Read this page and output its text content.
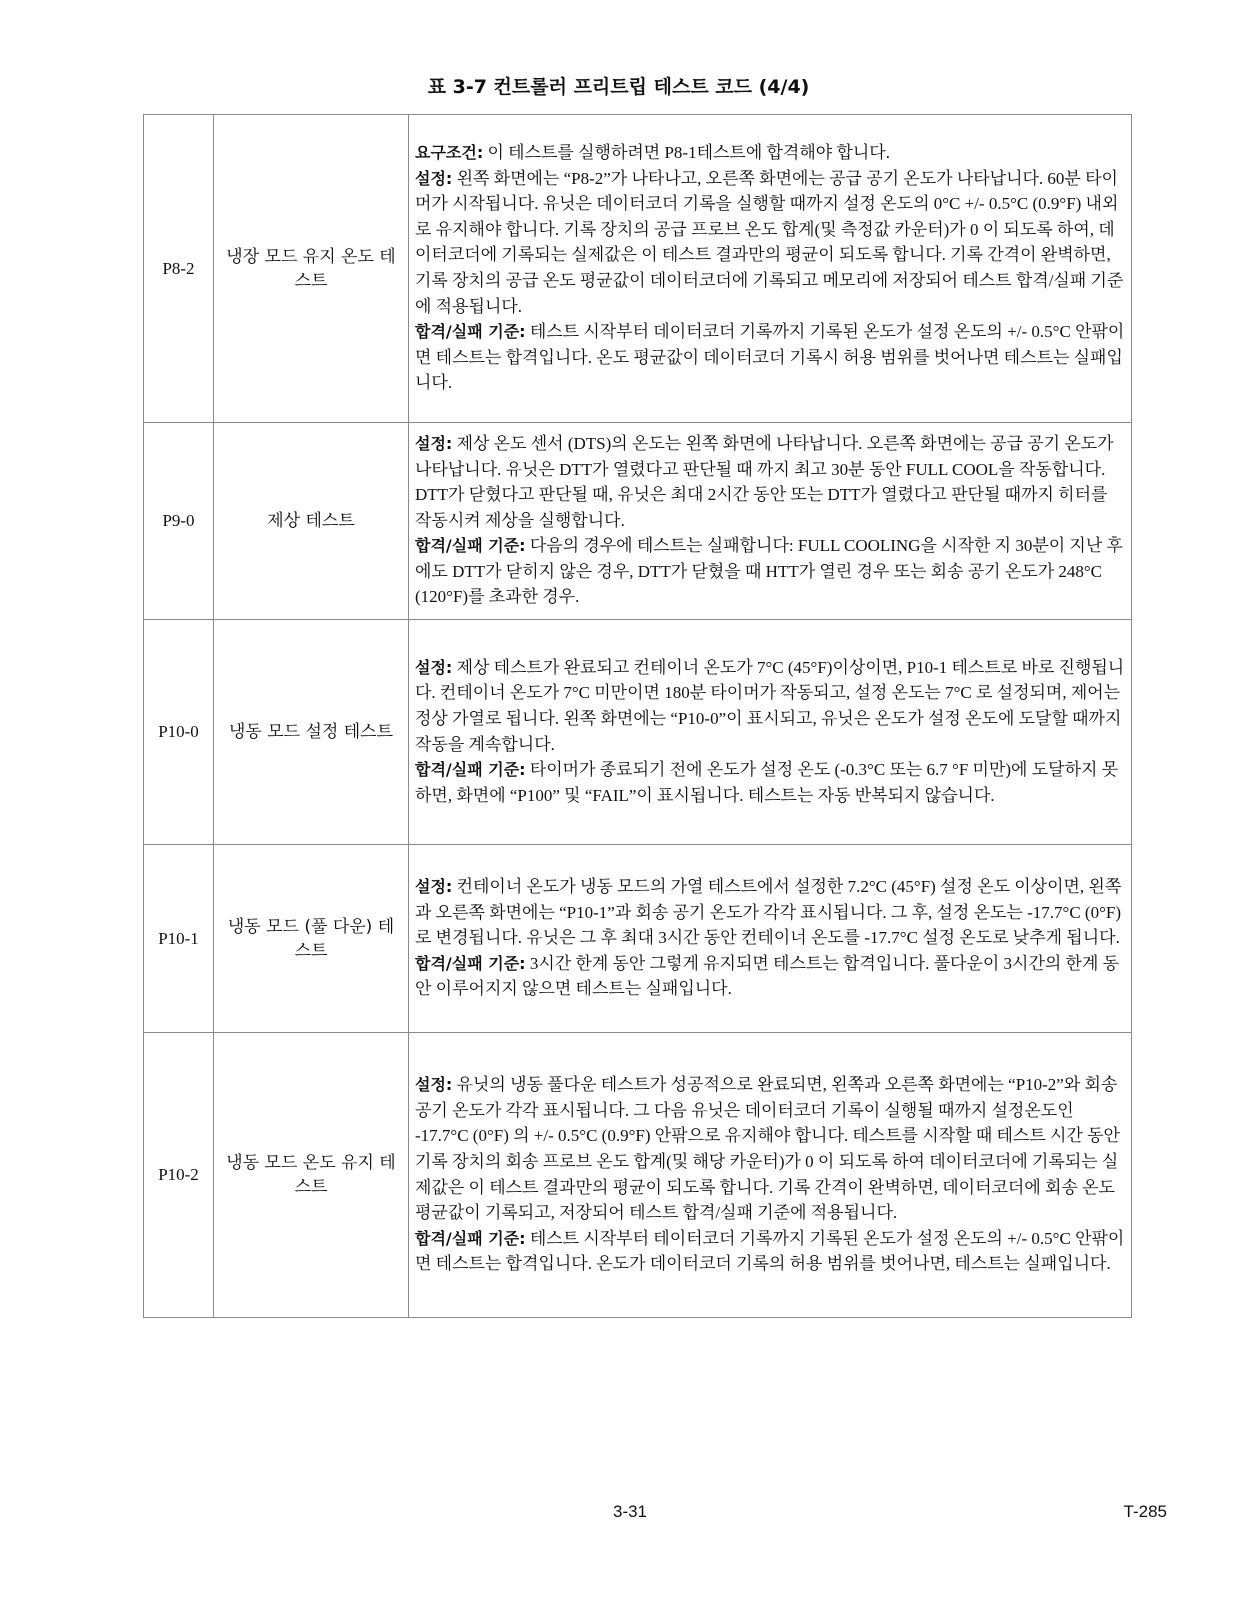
표 3-7 컨트롤러 프리트립 테스트 코드 (4/4)
P8-2	냉장 모드 유지 온도 테스트	요구조건: 이 테스트를 실행하려면 P8-1테스트에 합격해야 합니다.
설정: 왼쪽 화면에는 “P8-2”가 나타나고, 오른쪽 화면에는 공급 공기 온도가 나타납니다. 60분 타이머가 시작됩니다. 유닛은 데이터코더 기록을 실행할 때까지 설정 온도의 0°C +/- 0.5°C (0.9°F) 내외로 유지해야 합니다. 기록 장치의 공급 프로브 온도 합계(및 측정값 카운터)가 0 이 되도록 하여, 데이터코더에 기록되는 실제값은 이 테스트 결과만의 평균이 되도록 합니다. 기록 간격이 완벽하면, 기록 장치의 공급 온도 평균값이 데이터코더에 기록되고 메모리에 저장되어 테스트 합격/실패 기준에 적용됩니다.
합격/실패 기준: 테스트 시작부터 데이터코더 기록까지 기록된 온도가 설정 온도의 +/- 0.5°C 안팎이면 테스트는 합격입니다. 온도 평균값이 데이터코더 기록시 허용 범위를 벗어나면 테스트는 실패입니다.

P9-0	제상 테스트	설정: 제상 온도 센서 (DTS)의 온도는 왼쪽 화면에 나타납니다. 오른쪽 화면에는 공급 공기 온도가 나타납니다. 유닛은 DTT가 열렸다고 판단될 때 까지 최고 30분 동안 FULL COOL을 작동합니다. DTT가 닫혔다고 판단될 때, 유닛은 최대 2시간 동안 또는 DTT가 열렸다고 판단될 때까지 히터를 작동시켜 제상을 실행합니다.
합격/실패 기준: 다음의 경우에 테스트는 실패합니다: FULL COOLING을 시작한 지 30분이 지난 후에도 DTT가 닫히지 않은 경우, DTT가 닫혔을 때 HTT가 열린 경우 또는 회송 공기 온도가 248°C (120°F)를 초과한 경우.

P10-0	냉동 모드 설정 테스트	설정: 제상 테스트가 완료되고 컨테이너 온도가 7°C (45°F)이상이면, P10-1 테스트로 바로 진행됩니다. 컨테이너 온도가 7°C 미만이면 180분 타이머가 작동되고, 설정 온도는 7°C 로 설정되며, 제어는 정상 가열로 됩니다. 왼쪽 화면에는 “P10-0”이 표시되고, 유닛은 온도가 설정 온도에 도달할 때까지 작동을 계속합니다.
합격/실패 기준: 타이머가 종료되기 전에 온도가 설정 온도 (-0.3°C 또는 6.7 °F 미만)에 도달하지 못하면, 화면에 “P100” 및 “FAIL”이 표시됩니다. 테스트는 자동 반복되지 않습니다.

P10-1	냉동 모드 (풀 다운) 테스트	설정: 컨테이너 온도가 냉동 모드의 가열 테스트에서 설정한 7.2°C (45°F) 설정 온도 이상이면, 왼쪽과 오른쪽 화면에는 “P10-1”과 회송 공기 온도가 각각 표시됩니다. 그 후, 설정 온도는 -17.7°C (0°F) 로 변경됩니다. 유닛은 그 후 최대 3시간 동안 컨테이너 온도를 -17.7°C 설정 온도로 낮추게 됩니다.
합격/실패 기준: 3시간 한계 동안 그렇게 유지되면 테스트는 합격입니다. 풀다운이 3시간의 한계 동안 이루어지지 않으면 테스트는 실패입니다.

P10-2	냉동 모드 온도 유지 테스트	설정: 유닛의 냉동 풀다운 테스트가 성공적으로 완료되면, 왼쪽과 오른쪽 화면에는 “P10-2”와 회송 공기 온도가 각각 표시됩니다. 그 다음 유닛은 데이터코더 기록이 실행될 때까지 설정온도인 -17.7°C (0°F) 의 +/- 0.5°C (0.9°F) 안팎으로 유지해야 합니다. 테스트를 시작할 때 테스트 시간 동안 기록 장치의 회송 프로브 온도 합계(및 해당 카운터)가 0 이 되도록 하여 데이터코더에 기록되는 실제값은 이 테스트 결과만의 평균이 되도록 합니다. 기록 간격이 완벽하면, 데이터코더에 회송 온도 평균값이 기록되고, 저장되어 테스트 합격/실패 기준에 적용됩니다.
합격/실패 기준: 테스트 시작부터 테이터코더 기록까지 기록된 온도가 설정 온도의 +/- 0.5°C 안팎이면 테스트는 합격입니다. 온도가 데이터코더 기록의 허용 범위를 벗어나면, 테스트는 실패입니다.
3-31	T-285
